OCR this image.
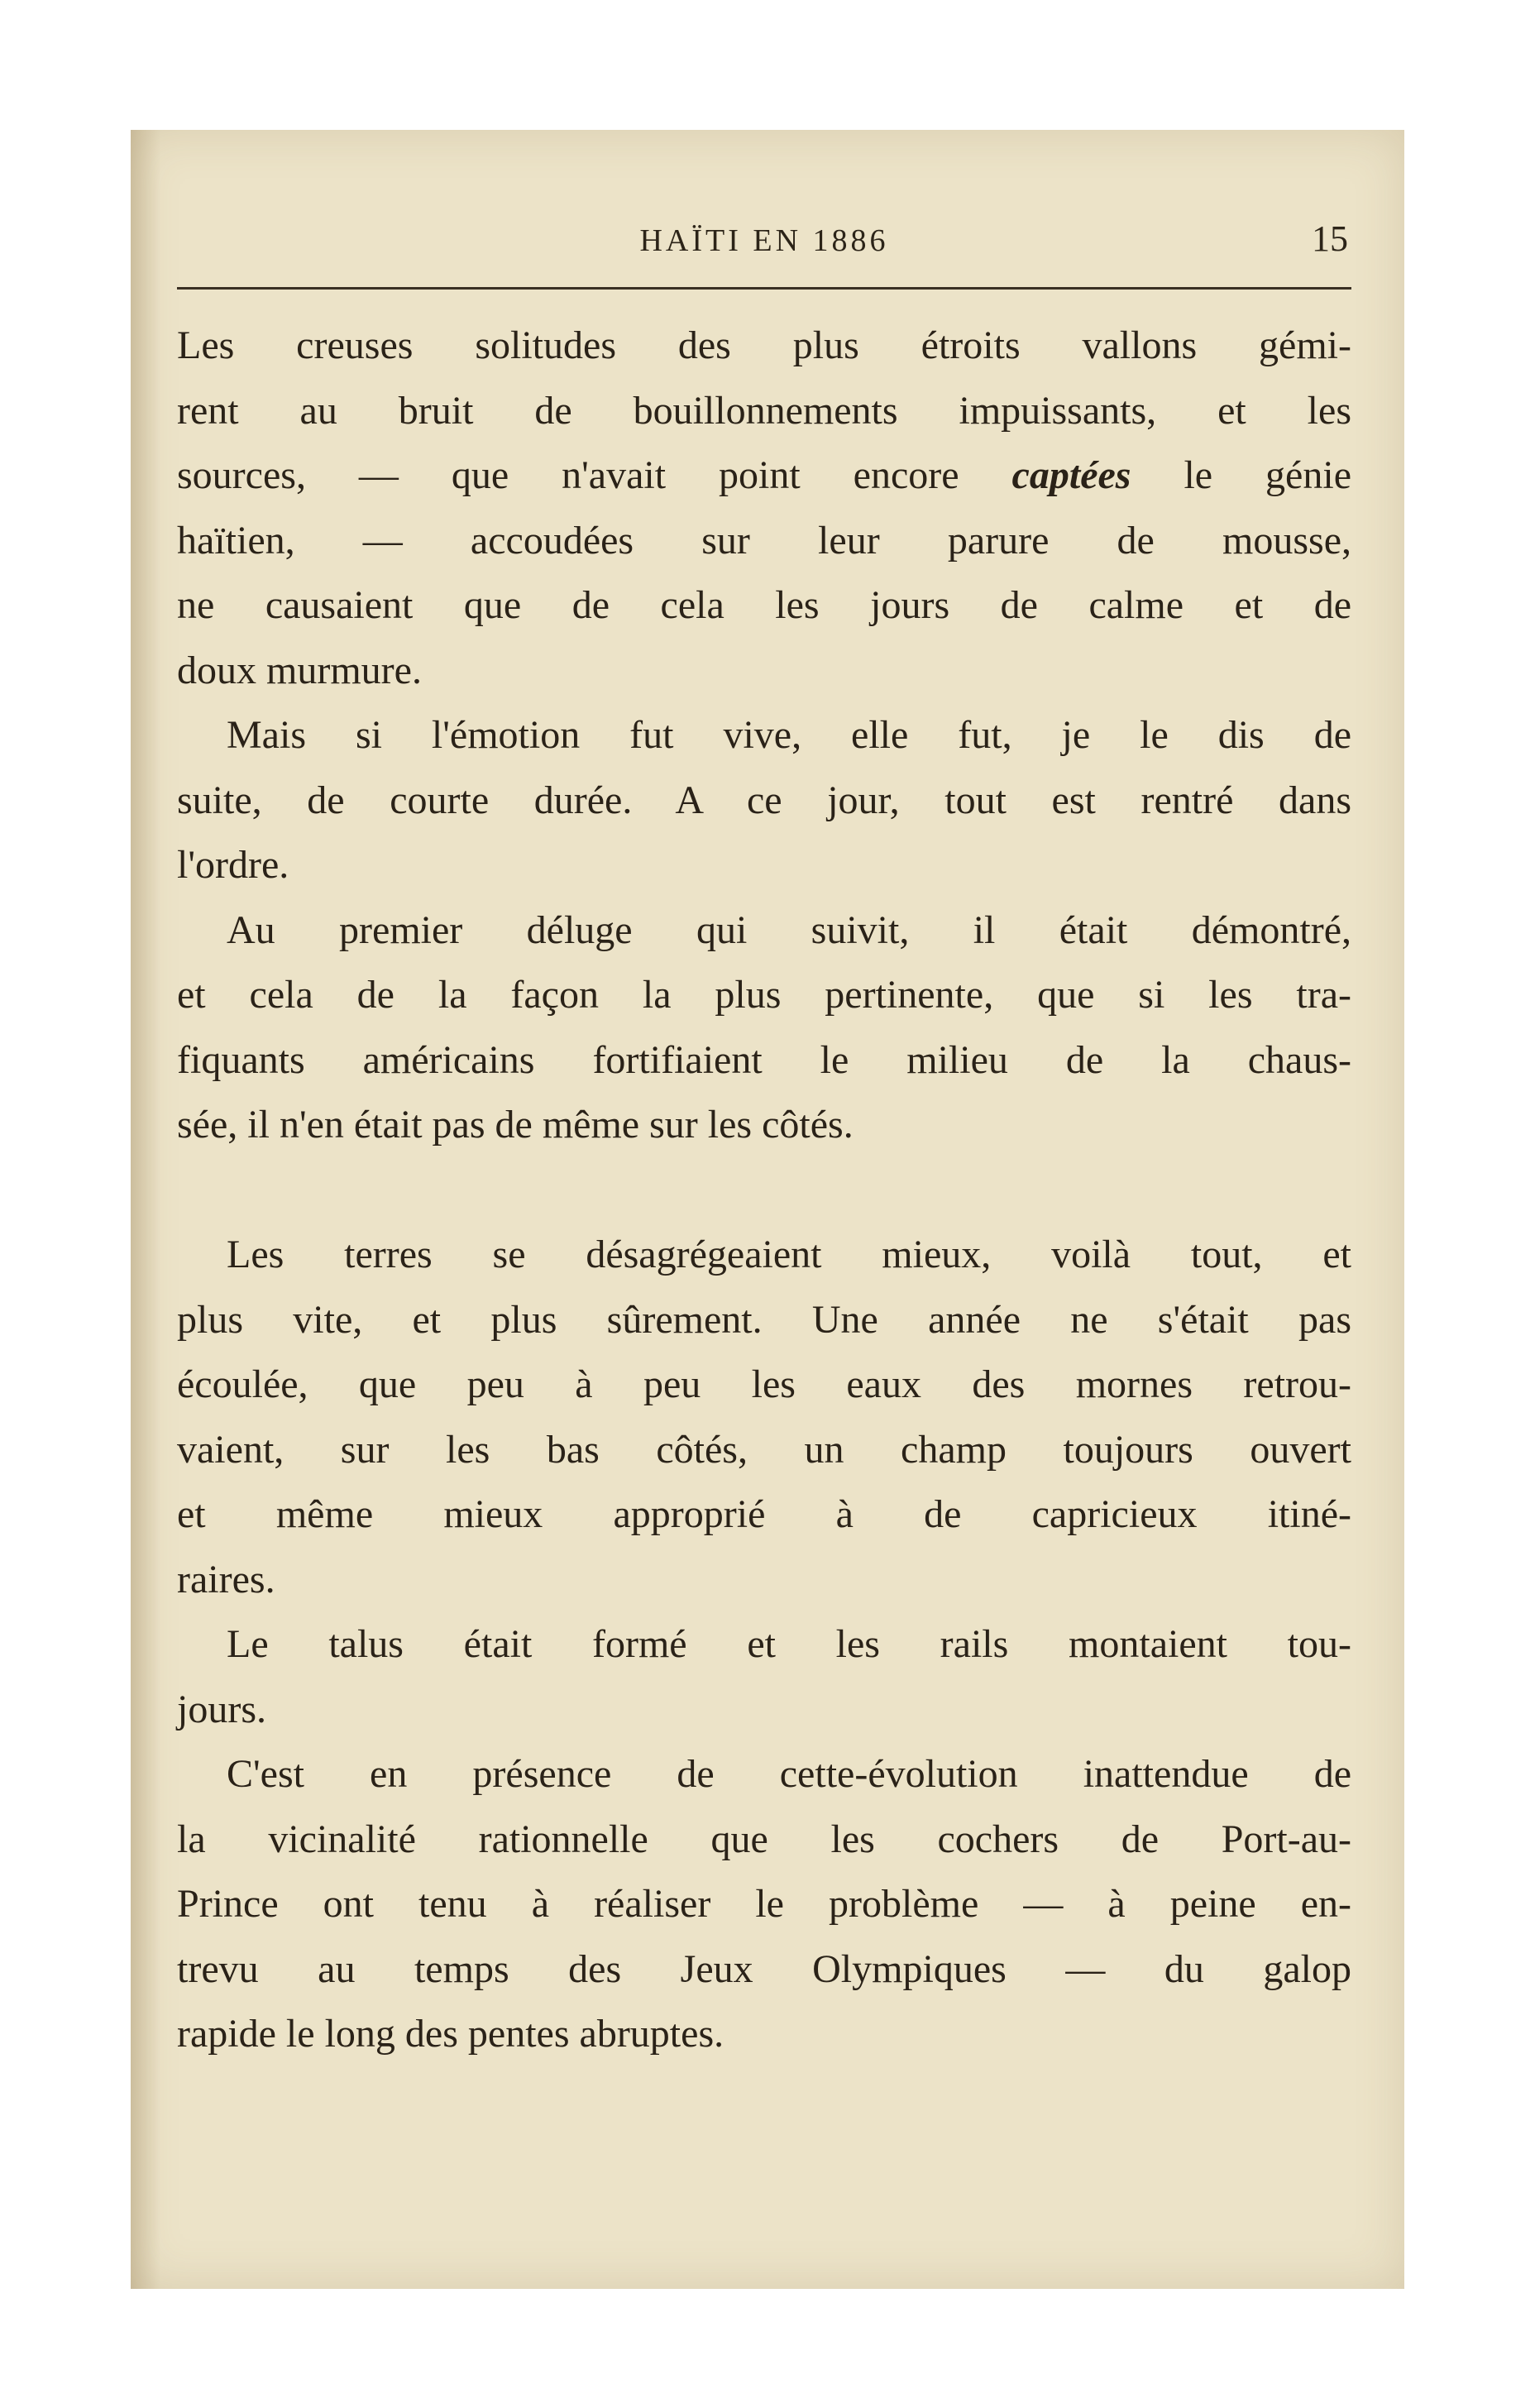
HAÏTI EN 1886	15
Les creuses solitudes des plus étroits vallons gémi-
rent au bruit de bouillonnements impuissants, et les
sources, — que n'avait point encore captées le génie
haïtien, — accoudées sur leur parure de mousse,
ne causaient que de cela les jours de calme et de
doux murmure.
Mais si l'émotion fut vive, elle fut, je le dis de
suite, de courte durée. A ce jour, tout est rentré dans
l'ordre.
Au premier déluge qui suivit, il était démontré,
et cela de la façon la plus pertinente, que si les tra-
fiquants américains fortifiaient le milieu de la chaus-
sée, il n'en était pas de même sur les côtés.
Les terres se désagrégeaient mieux, voilà tout, et
plus vite, et plus sûrement. Une année ne s'était pas
écoulée, que peu à peu les eaux des mornes retrou-
vaient, sur les bas côtés, un champ toujours ouvert
et même mieux approprié à de capricieux itiné-
raires.
Le talus était formé et les rails montaient tou-
jours.
C'est en présence de cette-évolution inattendue de
la vicinalité rationnelle que les cochers de Port-au-
Prince ont tenu à réaliser le problème — à peine en-
trevu au temps des Jeux Olympiques — du galop
rapide le long des pentes abruptes.
